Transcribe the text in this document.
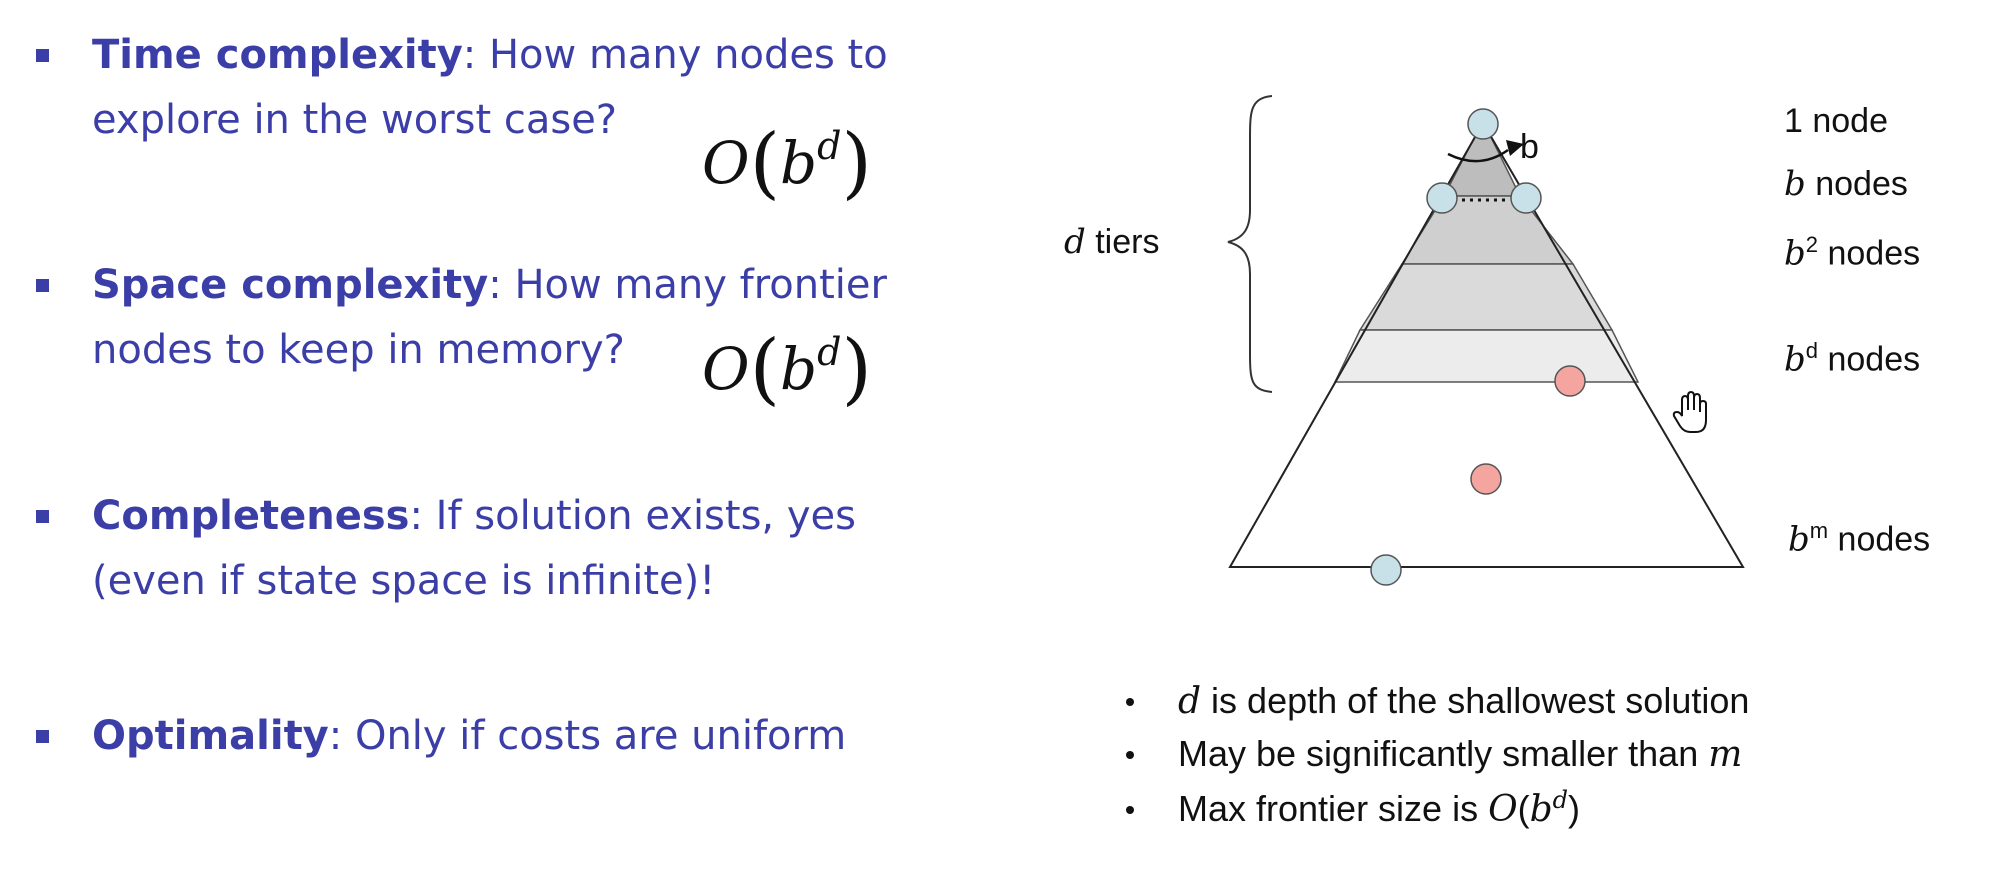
Time complexity: How many nodes to
explore in the worst case?
$O(b^d)$
Space complexity: How many frontier
nodes to keep in memory?	$O(b^d)$
Completeness: If solution exists, yes
(even if state space is infinite)!
Optimality: Only if costs are uniform
b
d tiers
1 node
b nodes
$b^2$ nodes
$b^d$ nodes
$b^m$ nodes
d is depth of the shallowest solution
May be significantly smaller than m
Max frontier size is $O(b^d)$
